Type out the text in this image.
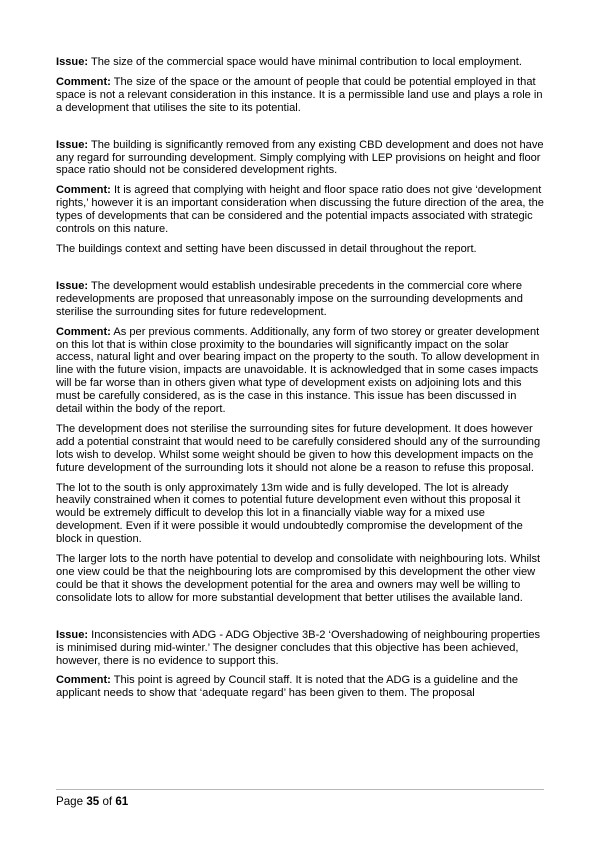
Issue: The size of the commercial space would have minimal contribution to local employment.

Comment: The size of the space or the amount of people that could be potential employed in that space is not a relevant consideration in this instance. It is a permissible land use and plays a role in a development that utilises the site to its potential.

Issue: The building is significantly removed from any existing CBD development and does not have any regard for surrounding development. Simply complying with LEP provisions on height and floor space ratio should not be considered development rights.

Comment: It is agreed that complying with height and floor space ratio does not give ‘development rights,’ however it is an important consideration when discussing the future direction of the area, the types of developments that can be considered and the potential impacts associated with strategic controls on this nature.

The buildings context and setting have been discussed in detail throughout the report.

Issue: The development would establish undesirable precedents in the commercial core where redevelopments are proposed that unreasonably impose on the surrounding developments and sterilise the surrounding sites for future redevelopment.

Comment: As per previous comments. Additionally, any form of two storey or greater development on this lot that is within close proximity to the boundaries will significantly impact on the solar access, natural light and over bearing impact on the property to the south. To allow development in line with the future vision, impacts are unavoidable. It is acknowledged that in some cases impacts will be far worse than in others given what type of development exists on adjoining lots and this must be carefully considered, as is the case in this instance. This issue has been discussed in detail within the body of the report.

The development does not sterilise the surrounding sites for future development. It does however add a potential constraint that would need to be carefully considered should any of the surrounding lots wish to develop. Whilst some weight should be given to how this development impacts on the future development of the surrounding lots it should not alone be a reason to refuse this proposal.

The lot to the south is only approximately 13m wide and is fully developed. The lot is already heavily constrained when it comes to potential future development even without this proposal it would be extremely difficult to develop this lot in a financially viable way for a mixed use development. Even if it were possible it would undoubtedly compromise the development of the block in question.

The larger lots to the north have potential to develop and consolidate with neighbouring lots. Whilst one view could be that the neighbouring lots are compromised by this development the other view could be that it shows the development potential for the area and owners may well be willing to consolidate lots to allow for more substantial development that better utilises the available land.

Issue: Inconsistencies with ADG - ADG Objective 3B-2 ‘Overshadowing of neighbouring properties is minimised during mid-winter.’ The designer concludes that this objective has been achieved, however, there is no evidence to support this.

Comment: This point is agreed by Council staff. It is noted that the ADG is a guideline and the applicant needs to show that ‘adequate regard’ has been given to them. The proposal

Page 35 of 61
